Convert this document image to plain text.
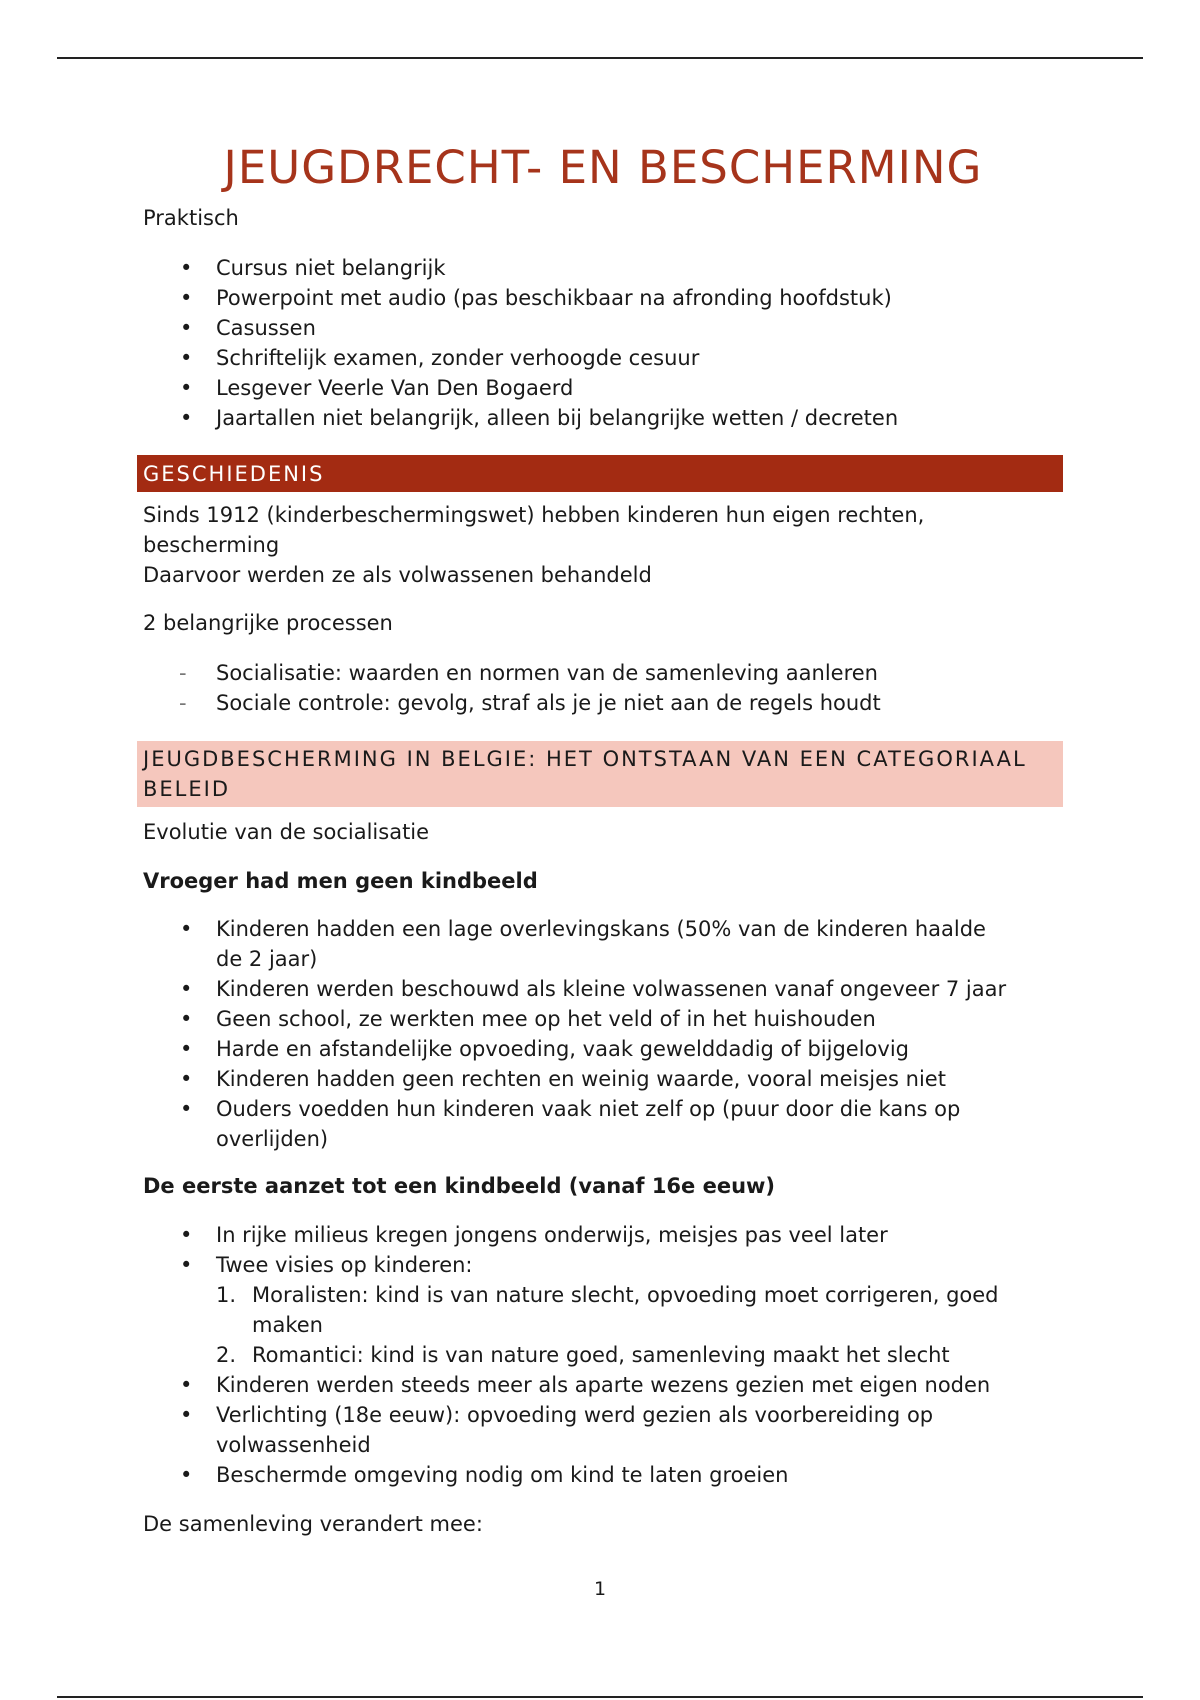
JEUGDRECHT- EN BESCHERMING

Praktisch

• Cursus niet belangrijk
• Powerpoint met audio (pas beschikbaar na afronding hoofdstuk)
• Casussen
• Schriftelijk examen, zonder verhoogde cesuur
• Lesgever Veerle Van Den Bogaerd
• Jaartallen niet belangrijk, alleen bij belangrijke wetten / decreten
GESCHIEDENIS

Sinds 1912 (kinderbeschermingswet) hebben kinderen hun eigen rechten,

bescherming

Daarvoor werden ze als volwassenen behandeld

2 belangrijke processen

- Socialisatie: waarden en normen van de samenleving aanleren
- Sociale controle: gevolg, straf als je je niet aan de regels houdt
JEUGDBESCHERMING IN BELGIE: HET ONTSTAAN VAN EEN CATEGORIAAL
BELEID

Evolutie van de socialisatie

Vroeger had men geen kindbeeld

• Kinderen hadden een lage overlevingskans (50% van de kinderen haalde
de 2 jaar)
• Kinderen werden beschouwd als kleine volwassenen vanaf ongeveer 7 jaar
• Geen school, ze werkten mee op het veld of in het huishouden
• Harde en afstandelijke opvoeding, vaak gewelddadig of bijgelovig
• Kinderen hadden geen rechten en weinig waarde, vooral meisjes niet
• Ouders voedden hun kinderen vaak niet zelf op (puur door die kans op
overlijden)

De eerste aanzet tot een kindbeeld (vanaf 16e eeuw)

• In rijke milieus kregen jongens onderwijs, meisjes pas veel later
• Twee visies op kinderen:
1. Moralisten: kind is van nature slecht, opvoeding moet corrigeren, goed
maken
2. Romantici: kind is van nature goed, samenleving maakt het slecht
• Kinderen werden steeds meer als aparte wezens gezien met eigen noden
• Verlichting (18e eeuw): opvoeding werd gezien als voorbereiding op
volwassenheid
• Beschermde omgeving nodig om kind te laten groeien

De samenleving verandert mee:

1
